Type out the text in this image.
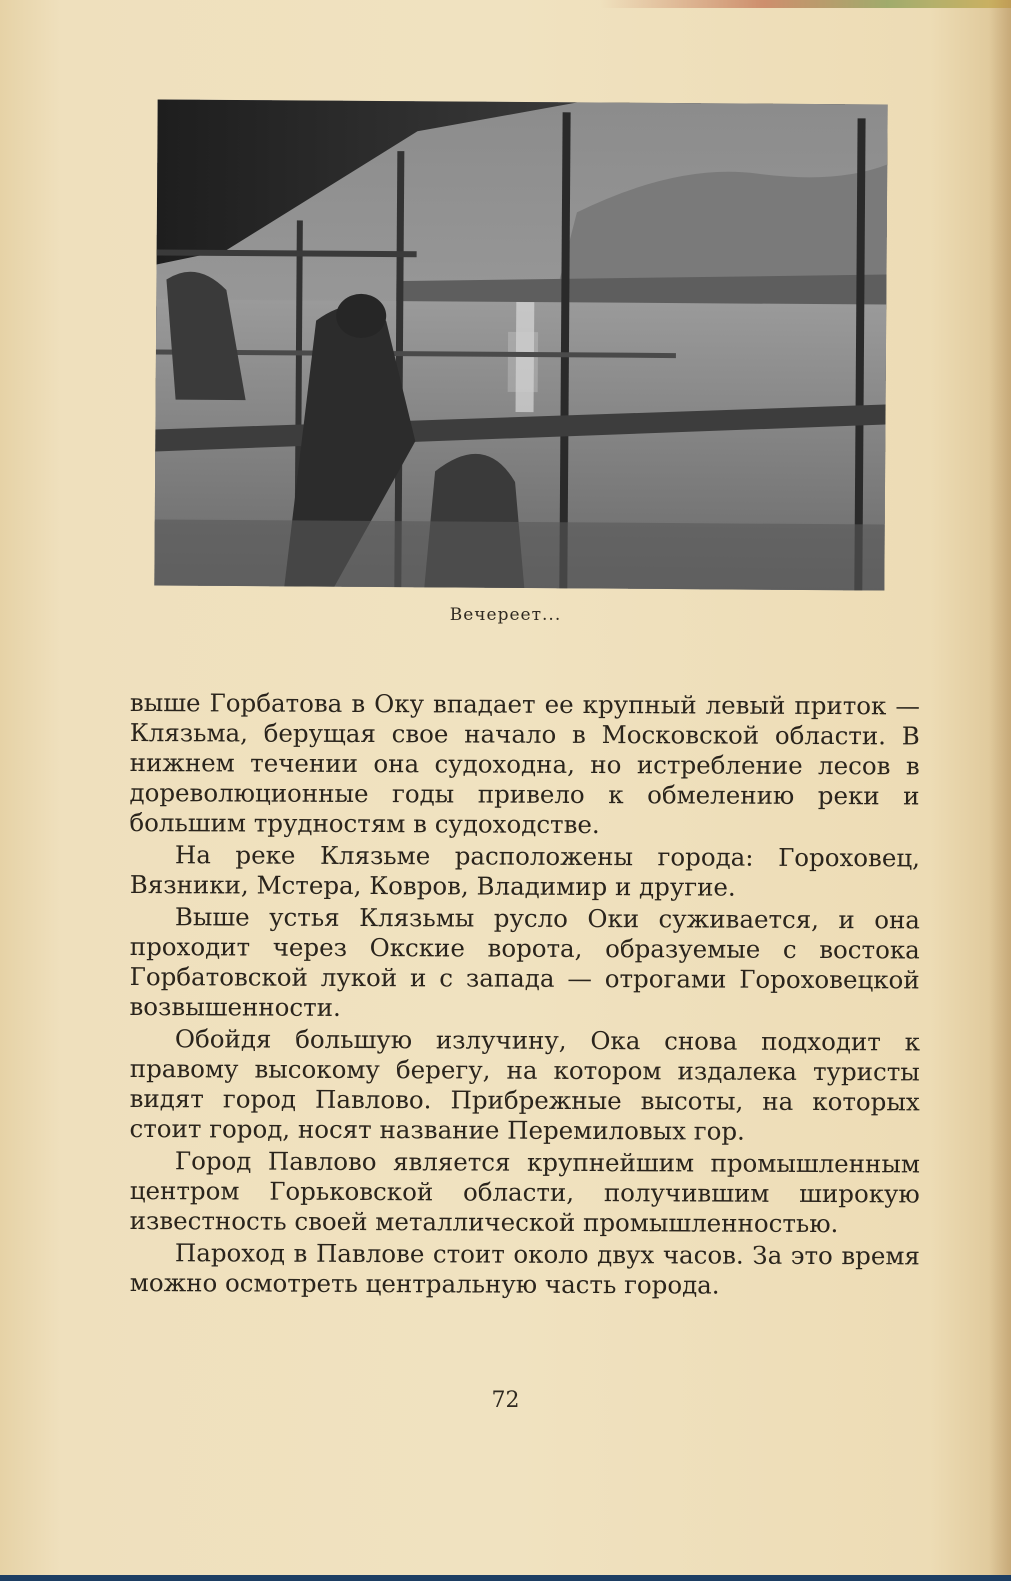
Вечереет...

выше Горбатова в Оку впадает ее крупный левый приток — Клязьма, берущая свое начало в Московской области. В нижнем течении она судоходна, но истребление лесов в дореволюционные годы привело к обмелению реки и большим трудностям в судоходстве.

На реке Клязьме расположены города: Гороховец, Вязники, Мстера, Ковров, Владимир и другие.

Выше устья Клязьмы русло Оки суживается, и она проходит через Окские ворота, образуемые с востока Горбатовской лукой и с запада — отрогами Гороховецкой возвышенности.

Обойдя большую излучину, Ока снова подходит к правому высокому берегу, на котором издалека туристы видят город Павлово. Прибрежные высоты, на которых стоит город, носят название Перемиловых гор.

Город Павлово является крупнейшим промышленным центром Горьковской области, получившим широкую известность своей металлической промышленностью.

Пароход в Павлове стоит около двух часов. За это время можно осмотреть центральную часть города.

72
